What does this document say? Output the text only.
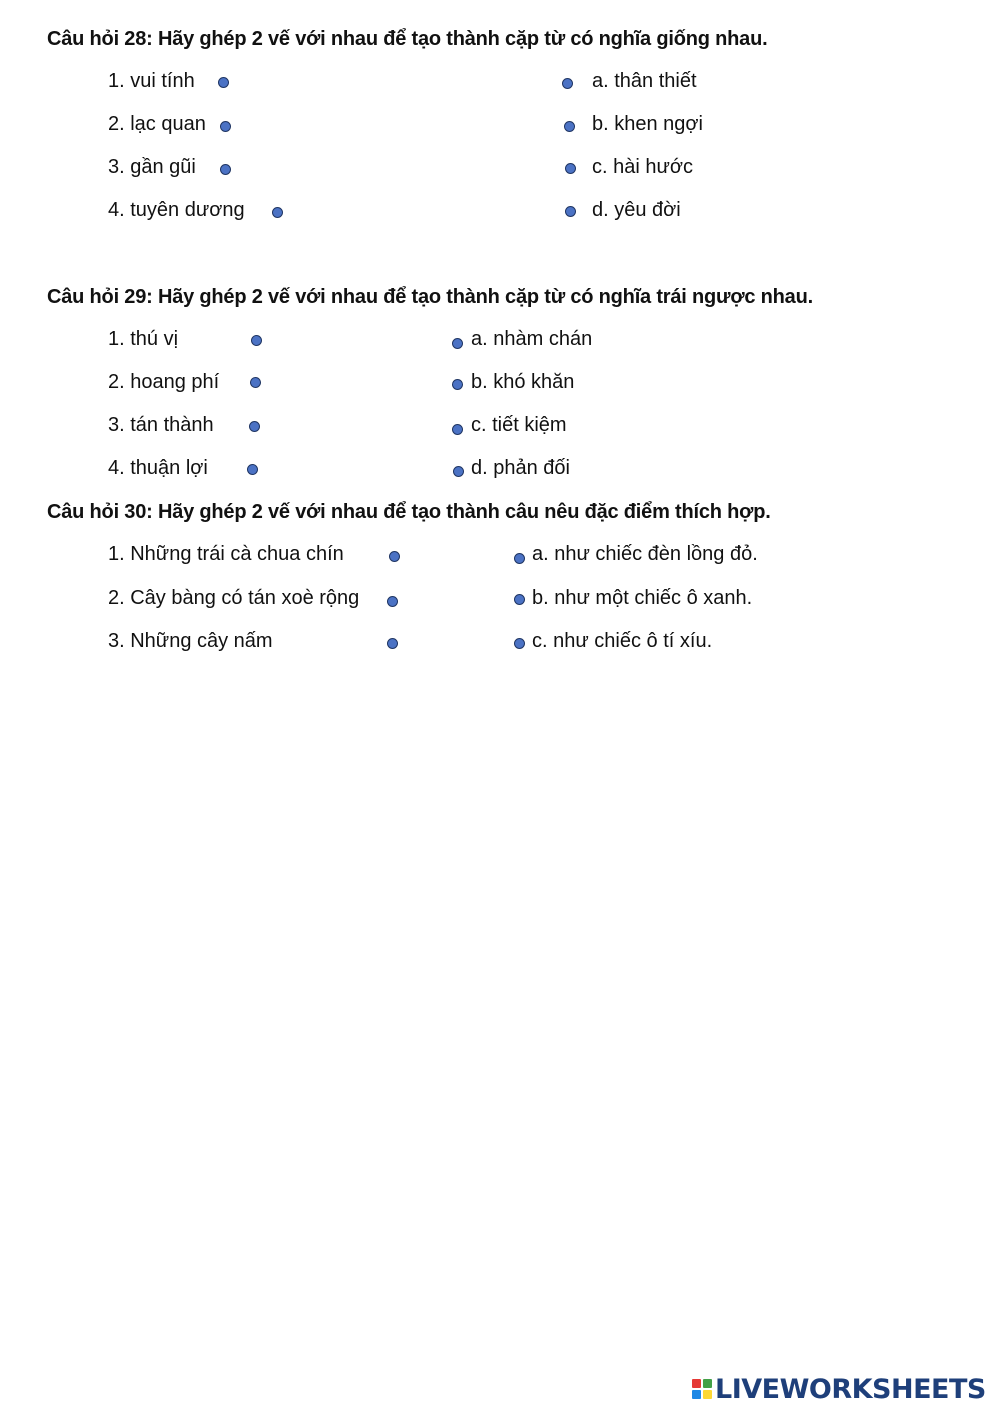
Câu hỏi 28: Hãy ghép 2 vế với nhau để tạo thành cặp từ có nghĩa giống nhau.
1. vui tính
2. lạc quan
3. gần gũi
4. tuyên dương
a. thân thiết
b. khen ngợi
c. hài hước
d. yêu đời
Câu hỏi 29: Hãy ghép 2 vế với nhau để tạo thành cặp từ có nghĩa trái ngược nhau.
1. thú vị
2. hoang phí
3. tán thành
4. thuận lợi
a. nhàm chán
b. khó khăn
c. tiết kiệm
d. phản đối
Câu hỏi 30: Hãy ghép 2 vế với nhau để tạo thành câu nêu đặc điểm thích hợp.
1. Những trái cà chua chín
2. Cây bàng có tán xoè rộng
3. Những cây nấm
a. như chiếc đèn lồng đỏ.
b. như một chiếc ô xanh.
c. như chiếc ô tí xíu.
LIVEWORKSHEETS
